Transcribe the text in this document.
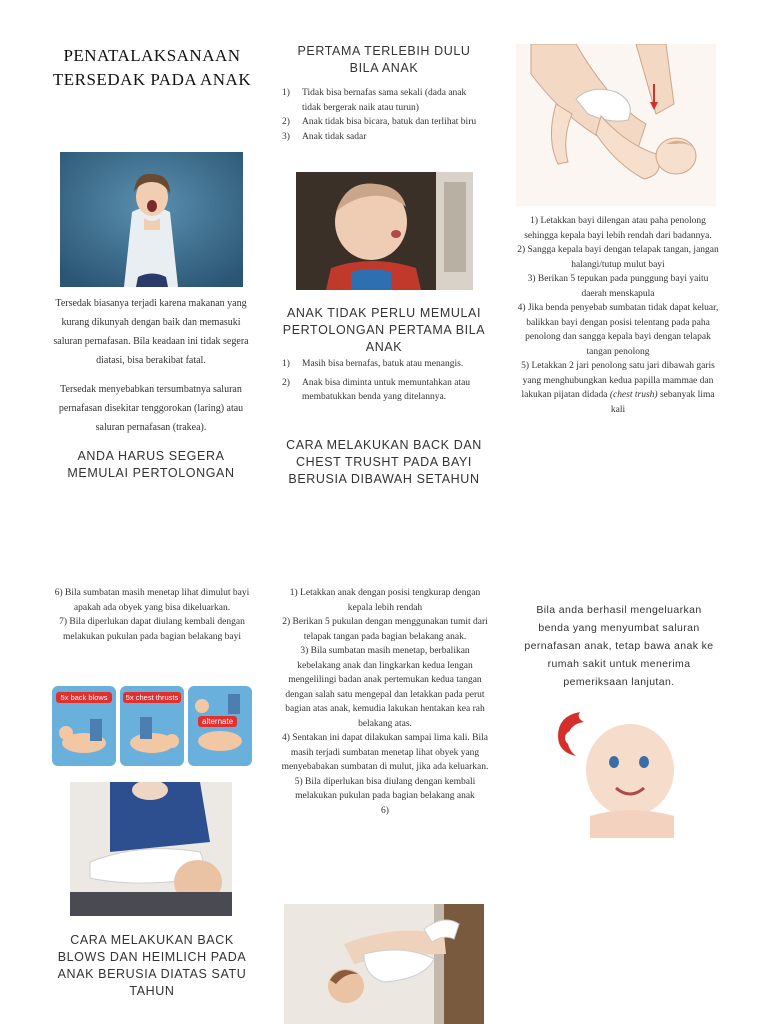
PENATALAKSANAAN TERSEDAK PADA ANAK
Tersedak biasanya terjadi karena makanan yang kurang dikunyah dengan baik dan memasuki saluran pernafasan. Bila keadaan ini tidak segera diatasi, bisa berakibat fatal.
Tersedak menyebabkan tersumbatnya saluran pernafasan disekitar tenggorokan (laring) atau saluran pernafasan (trakea).
ANDA HARUS SEGERA MEMULAI PERTOLONGAN
PERTAMA TERLEBIH DULU BILA ANAK
1)	Tidak bisa bernafas sama sekali (dada anak tidak bergerak naik atau turun)
2)	Anak tidak bisa bicara, batuk dan terlihat biru
3)	Anak tidak sadar
ANAK TIDAK PERLU MEMULAI PERTOLONGAN PERTAMA BILA ANAK
1)	Masih bisa bernafas, batuk atau menangis.
2)	Anak bisa diminta untuk memuntahkan atau membatukkan benda yang ditelannya.
CARA MELAKUKAN BACK DAN CHEST TRUSHT PADA BAYI BERUSIA DIBAWAH SETAHUN
1) Letakkan bayi dilengan atau paha penolong sehingga kepala bayi lebih rendah dari badannya.
2) Sangga kepala bayi dengan telapak tangan, jangan halangi/tutup mulut bayi
3) Berikan 5 tepukan pada punggung bayi yaitu daerah menskapula
4) Jika benda penyebab sumbatan tidak dapat keluar, balikkan bayi dengan posisi telentang pada paha penolong dan sangga kepala bayi dengan telapak tangan penolong
5) Letakkan 2 jari penolong satu jari dibawah garis yang menghubungkan kedua papilla mammae dan lakukan pijatan didada (chest trush) sebanyak lima kali
6) Bila sumbatan masih menetap lihat dimulut bayi apakah ada obyek yang bisa dikeluarkan.
7) Bila diperlukan dapat diulang kembali dengan melakukan pukulan pada bagian belakang bayi
5x back blows	5x chest thrusts
alternate
CARA MELAKUKAN BACK BLOWS DAN HEIMLICH PADA ANAK BERUSIA DIATAS SATU TAHUN
1) Letakkan anak dengan posisi tengkurap dengan kepala lebih rendah
2) Berikan 5 pukulan dengan menggunakan tumit dari telapak tangan pada bagian belakang anak.
3) Bila sumbatan masih menetap, berbalikan kebelakang anak dan lingkarkan kedua lengan mengelilingi badan anak pertemukan kedua tangan dengan salah satu mengepal dan letakkan pada perut bagian atas anak, kemudia lakukan hentakan kea rah belakang atas.
4) Sentakan ini dapat dilakukan sampai lima kali. Bila masih terjadi sumbatan menetap lihat obyek yang menyebabakan sumbatan di mulut, jika ada keluarkan.
5) Bila diperlukan bisa diulang dengan kembali melakukan pukulan pada bagian belakang anak
6)
Bila anda berhasil mengeluarkan benda yang menyumbat saluran pernafasan anak, tetap bawa anak ke rumah sakit untuk menerima pemeriksaan lanjutan.
